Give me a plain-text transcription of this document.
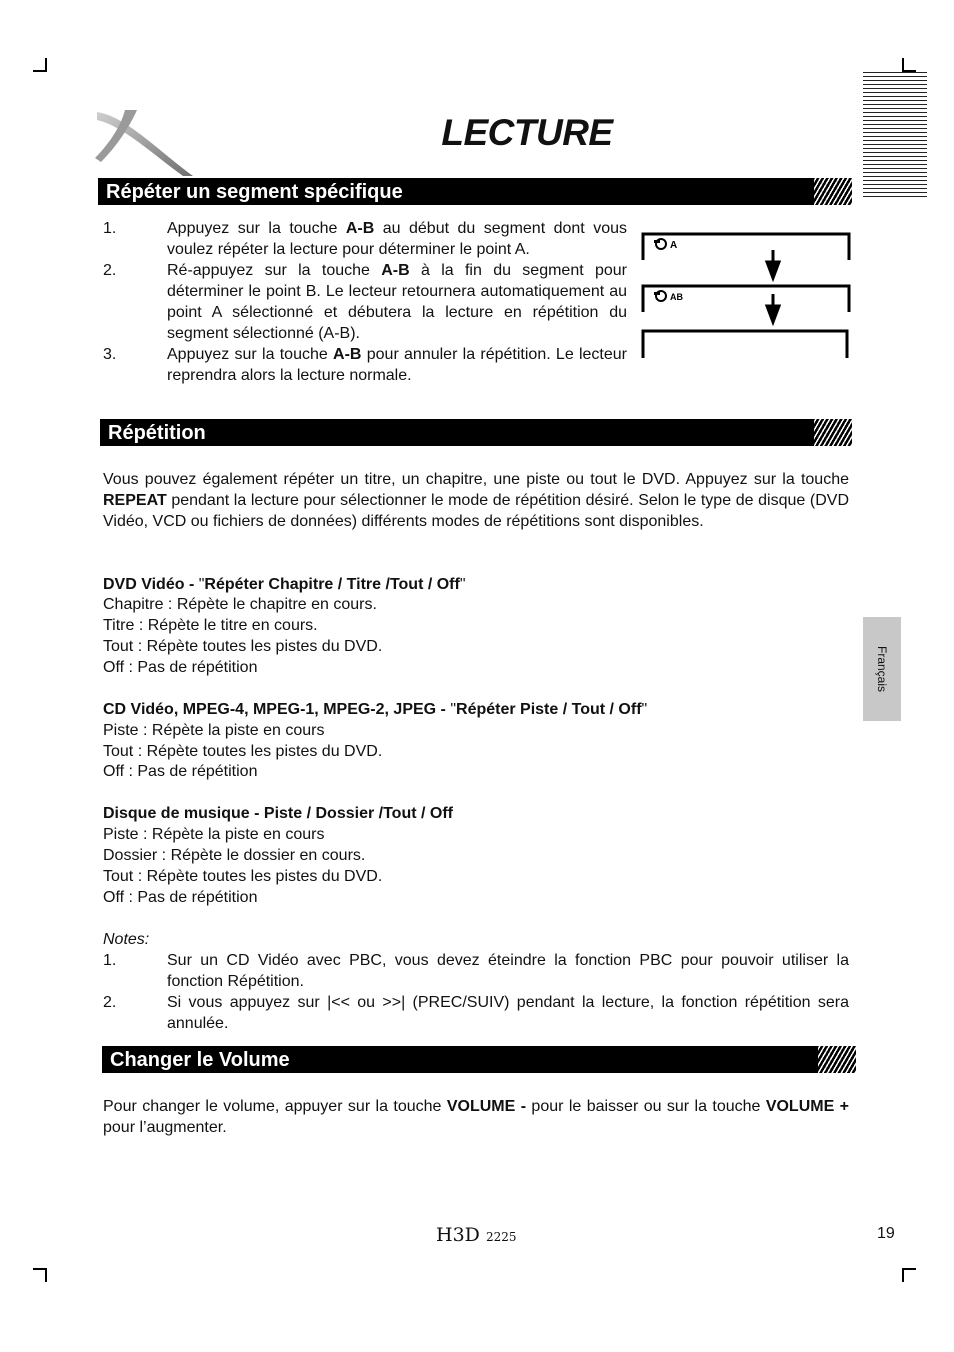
LECTURE
Répéter un segment spécifique
1.	Appuyez sur la touche A-B au début du segment dont vous voulez répéter la lecture pour déterminer le point A.
2.	Ré-appuyez sur la touche A-B à la fin du segment pour déterminer le point B. Le lecteur retournera automatiquement au point A sélectionné et débutera la lecture en répétition du segment sélectionné (A-B).
3.	Appuyez sur la touche A-B pour annuler la répétition. Le lecteur reprendra alors la lecture normale.
A
AB
Répétition
Vous pouvez également répéter un titre, un chapitre, une piste ou tout le DVD. Appuyez sur la touche REPEAT pendant la lecture pour sélectionner le mode de répétition désiré. Selon le type de disque (DVD Vidéo, VCD ou fichiers de données) différents modes de répétitions sont disponibles.
DVD Vidéo - "Répéter Chapitre / Titre /Tout / Off"
Chapitre : Répète le chapitre en cours.
Titre : Répète le titre en cours.
Tout : Répète toutes les pistes du DVD.
Off : Pas de répétition
CD Vidéo, MPEG-4, MPEG-1, MPEG-2, JPEG - "Répéter Piste / Tout / Off"
Piste : Répète la piste en cours
Tout : Répète toutes les pistes du DVD.
Off : Pas de répétition
Disque de musique - Piste / Dossier /Tout / Off
Piste : Répète la piste en cours
Dossier : Répète le dossier en cours.
Tout : Répète toutes les pistes du DVD.
Off : Pas de répétition
Notes:
1.	Sur un CD Vidéo avec PBC, vous devez éteindre la fonction PBC pour pouvoir utiliser la fonction Répétition.
2.	Si vous appuyez sur |<< ou >>| (PREC/SUIV) pendant la lecture, la fonction répétition sera annulée.
Changer le Volume
Pour changer le volume, appuyer sur la touche VOLUME - pour le baisser ou sur la touche VOLUME + pour l’augmenter.
Français
H3D 2225	19
